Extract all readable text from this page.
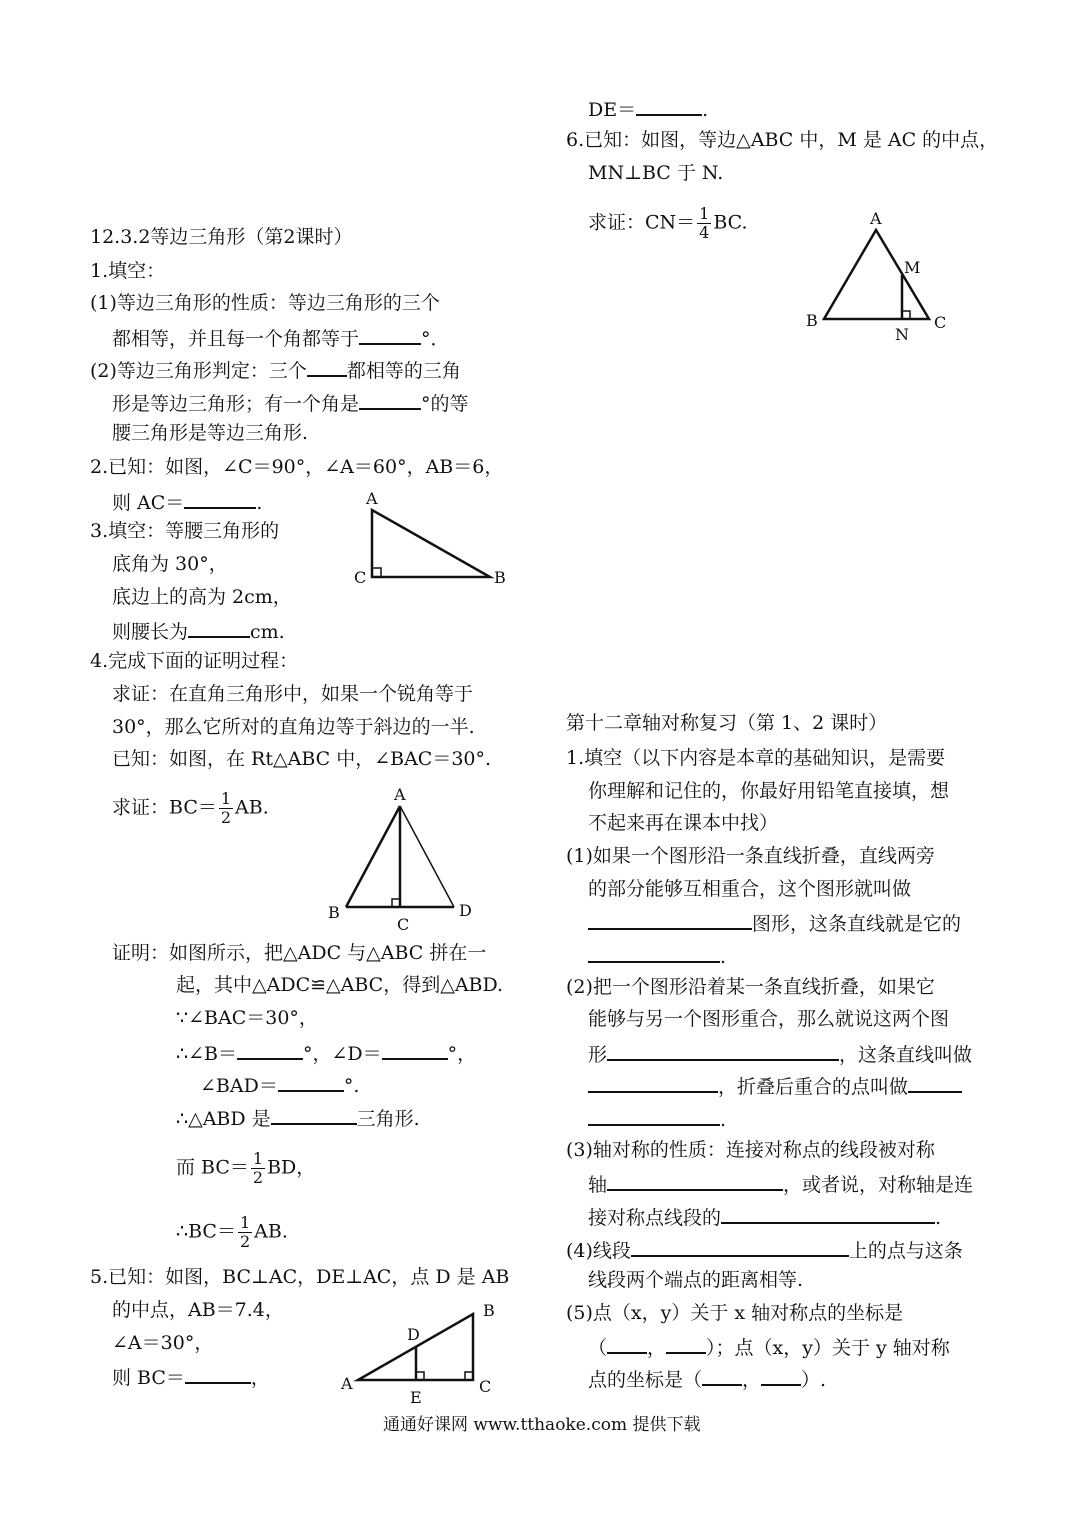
12.3.2等边三角形（第2课时）
1.填空：
(1)等边三角形的性质：等边三角形的三个
都相等，并且每一个角都等于	°．
(2)等边三角形判定：三个 都相等的三角
形是等边三角形；有一个角是	°的等
腰三角形是等边三角形.
2.已知：如图，∠C＝90°，∠A＝60°，AB＝6，
则 AC＝	.	A
C	B
3.填空：等腰三角形的
底角为 30°，
底边上的高为 2cm，
则腰长为	cm.
4.完成下面的证明过程：
求证：在直角三角形中，如果一个锐角等于
30°，那么它所对的直角边等于斜边的一半.
已知：如图，在 Rt△ABC 中，∠BAC＝30°.
求证：$BC= \frac{1}{2}$ AB.
A
B
C
D
证明：如图所示，把△ADC 与△ABC 拼在一
起，其中△ADC≌△ABC，得到△ABD.
∵∠BAC＝30°，
∴∠B＝	°，∠D＝	°，
∠BAD＝	°.
∴△ABD 是	三角形.
而 $BC= \frac{1}{2}$ BD，
∴BC＝ $\frac{1}{2}$ AB.
5.已知：如图，BC⊥AC，DE⊥AC，点 D 是 AB
的中点，AB＝7.4，
∠A＝30°，
则 BC＝	，	A
B
C
D
E
DE＝	.
6.已知：如图，等边△ABC 中，M 是 AC 的中点，
MN⊥BC 于 N.
求证：$CN= \frac{1}{4}$ BC.	A
B	C
M
N
第十二章轴对称复习（第 1、2 课时）
1.填空（以下内容是本章的基础知识，是需要
你理解和记住的，你最好用铅笔直接填，想
不起来再在课本中找）
(1)如果一个图形沿一条直线折叠，直线两旁
的部分能够互相重合，这个图形就叫做
图形，这条直线就是它的
.
(2)把一个图形沿着某一条直线折叠，如果它
能够与另一个图形重合，那么就说这两个图
形	，这条直线叫做
，折叠后重合的点叫做
.
(3)轴对称的性质：连接对称点的线段被对称
轴	，或者说，对称轴是连
接对称点线段的	.
(4)线段	上的点与这条
线段两个端点的距离相等.
(5)点（x，y）关于 x 轴对称点的坐标是
（ ， ）；点（x，y）关于 y 轴对称
点的坐标是（ ， ）.
通通好课网 www.tthaoke.com 提供下载
